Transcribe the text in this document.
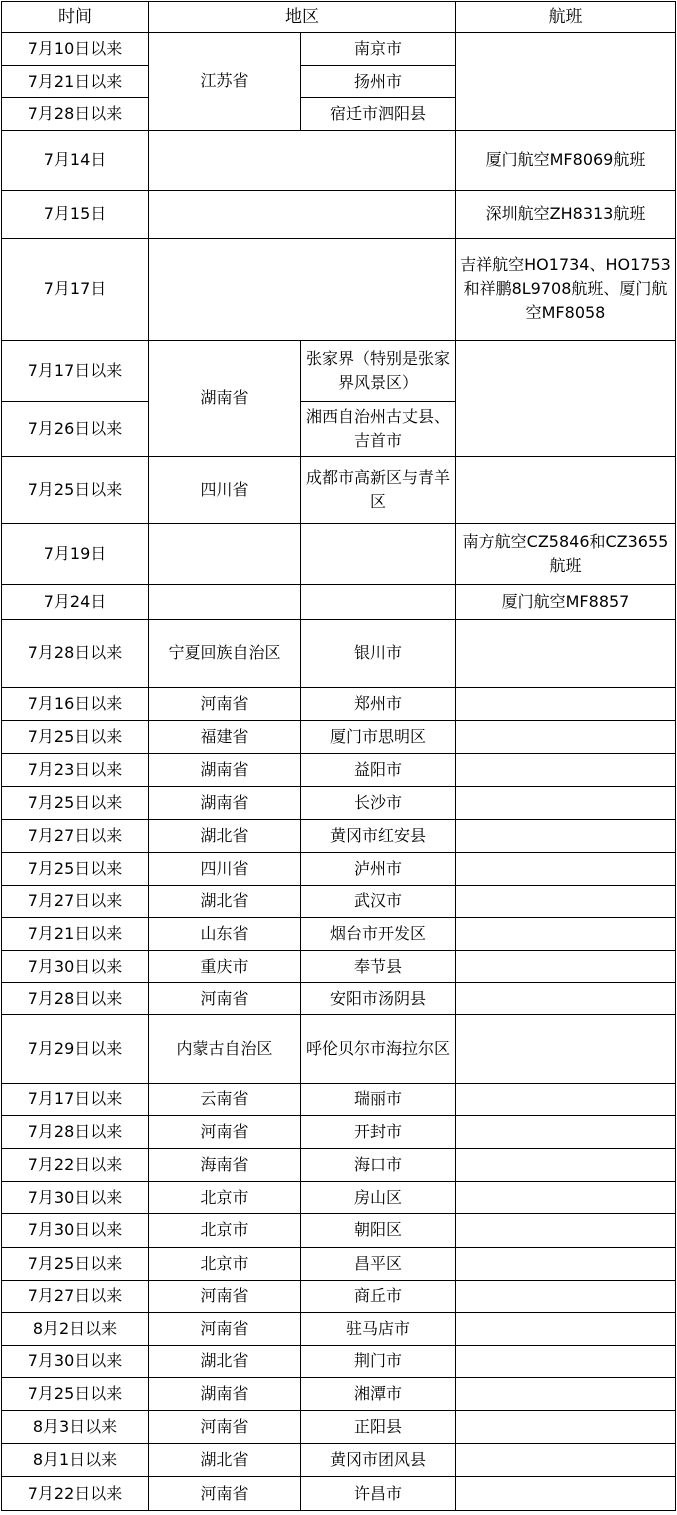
时间	地区		航班
7月10日以来	江苏省	南京市	
7月21日以来		扬州市	
7月28日以来		宿迁市泗阳县	
7月14日			厦门航空MF8069航班
7月15日			深圳航空ZH8313航班
7月17日			吉祥航空HO1734、HO1753和祥鹏8L9708航班、厦门航空MF8058
7月17日以来	湖南省	张家界（特别是张家界风景区）	
7月26日以来		湘西自治州古丈县、吉首市	
7月25日以来	四川省	成都市高新区与青羊区	
7月19日			南方航空CZ5846和CZ3655航班
7月24日			厦门航空MF8857
7月28日以来	宁夏回族自治区	银川市	
7月16日以来	河南省	郑州市	
7月25日以来	福建省	厦门市思明区	
7月23日以来	湖南省	益阳市	
7月25日以来	湖南省	长沙市	
7月27日以来	湖北省	黄冈市红安县	
7月25日以来	四川省	泸州市	
7月27日以来	湖北省	武汉市	
7月21日以来	山东省	烟台市开发区	
7月30日以来	重庆市	奉节县	
7月28日以来	河南省	安阳市汤阴县	
7月29日以来	内蒙古自治区	呼伦贝尔市海拉尔区	
7月17日以来	云南省	瑞丽市	
7月28日以来	河南省	开封市	
7月22日以来	海南省	海口市	
7月30日以来	北京市	房山区	
7月30日以来	北京市	朝阳区	
7月25日以来	北京市	昌平区	
7月27日以来	河南省	商丘市	
8月2日以来	河南省	驻马店市	
7月30日以来	湖北省	荆门市	
7月25日以来	湖南省	湘潭市	
8月3日以来	河南省	正阳县	
8月1日以来	湖北省	黄冈市团风县	
7月22日以来	河南省	许昌市	
